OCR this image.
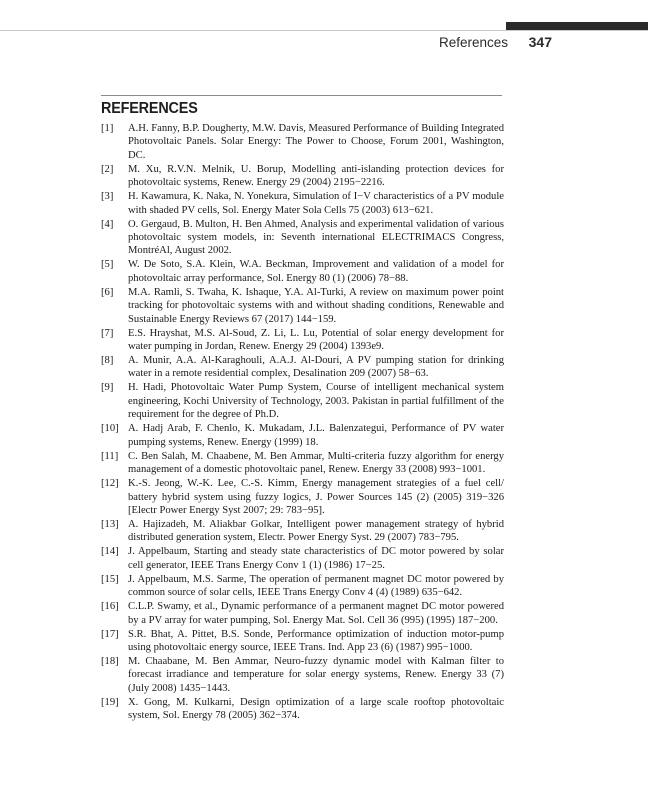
References 347
REFERENCES
[1]	A.H. Fanny, B.P. Dougherty, M.W. Davis, Measured Performance of Building Integrated Photovoltaic Panels. Solar Energy: The Power to Choose, Forum 2001, Washington, DC.
[2]	M. Xu, R.V.N. Melnik, U. Borup, Modelling anti-islanding protection devices for photovoltaic systems, Renew. Energy 29 (2004) 2195−2216.
[3]	H. Kawamura, K. Naka, N. Yonekura, Simulation of I−V characteristics of a PV module with shaded PV cells, Sol. Energy Mater Sola Cells 75 (2003) 613−621.
[4]	O. Gergaud, B. Multon, H. Ben Ahmed, Analysis and experimental validation of various photovoltaic system models, in: Seventh international ELECTRIMACS Congress, MontréAl, August 2002.
[5]	W. De Soto, S.A. Klein, W.A. Beckman, Improvement and validation of a model for photovoltaic array performance, Sol. Energy 80 (1) (2006) 78−88.
[6]	M.A. Ramli, S. Twaha, K. Ishaque, Y.A. Al-Turki, A review on maximum power point tracking for photovoltaic systems with and without shading conditions, Renewable and Sustainable Energy Reviews 67 (2017) 144−159.
[7]	E.S. Hrayshat, M.S. Al-Soud, Z. Li, L. Lu, Potential of solar energy development for water pumping in Jordan, Renew. Energy 29 (2004) 1393e9.
[8]	A. Munir, A.A. Al-Karaghouli, A.A.J. Al-Douri, A PV pumping station for drinking water in a remote residential complex, Desalination 209 (2007) 58−63.
[9]	H. Hadi, Photovoltaic Water Pump System, Course of intelligent mechanical system engineering, Kochi University of Technology, 2003. Pakistan in partial fulfillment of the requirement for the degree of Ph.D.
[10] A. Hadj Arab, F. Chenlo, K. Mukadam, J.L. Balenzategui, Performance of PV water pumping systems, Renew. Energy (1999) 18.
[11] C. Ben Salah, M. Chaabene, M. Ben Ammar, Multi-criteria fuzzy algorithm for energy management of a domestic photovoltaic panel, Renew. Energy 33 (2008) 993−1001.
[12] K.-S. Jeong, W.-K. Lee, C.-S. Kimm, Energy management strategies of a fuel cell/ battery hybrid system using fuzzy logics, J. Power Sources 145 (2) (2005) 319−326 [Electr Power Energy Syst 2007; 29: 783−95].
[13] A. Hajizadeh, M. Aliakbar Golkar, Intelligent power management strategy of hybrid distributed generation system, Electr. Power Energy Syst. 29 (2007) 783−795.
[14] J. Appelbaum, Starting and steady state characteristics of DC motor powered by solar cell generator, IEEE Trans Energy Conv 1 (1) (1986) 17−25.
[15] J. Appelbaum, M.S. Sarme, The operation of permanent magnet DC motor powered by common source of solar cells, IEEE Trans Energy Conv 4 (4) (1989) 635−642.
[16] C.L.P. Swamy, et al., Dynamic performance of a permanent magnet DC motor powered by a PV array for water pumping, Sol. Energy Mat. Sol. Cell 36 (995) (1995) 187−200.
[17] S.R. Bhat, A. Pittet, B.S. Sonde, Performance optimization of induction motor-pump using photovoltaic energy source, IEEE Trans. Ind. App 23 (6) (1987) 995−1000.
[18] M. Chaabane, M. Ben Ammar, Neuro-fuzzy dynamic model with Kalman filter to forecast irradiance and temperature for solar energy systems, Renew. Energy 33 (7) (July 2008) 1435−1443.
[19] X. Gong, M. Kulkarni, Design optimization of a large scale rooftop photovoltaic system, Sol. Energy 78 (2005) 362−374.
